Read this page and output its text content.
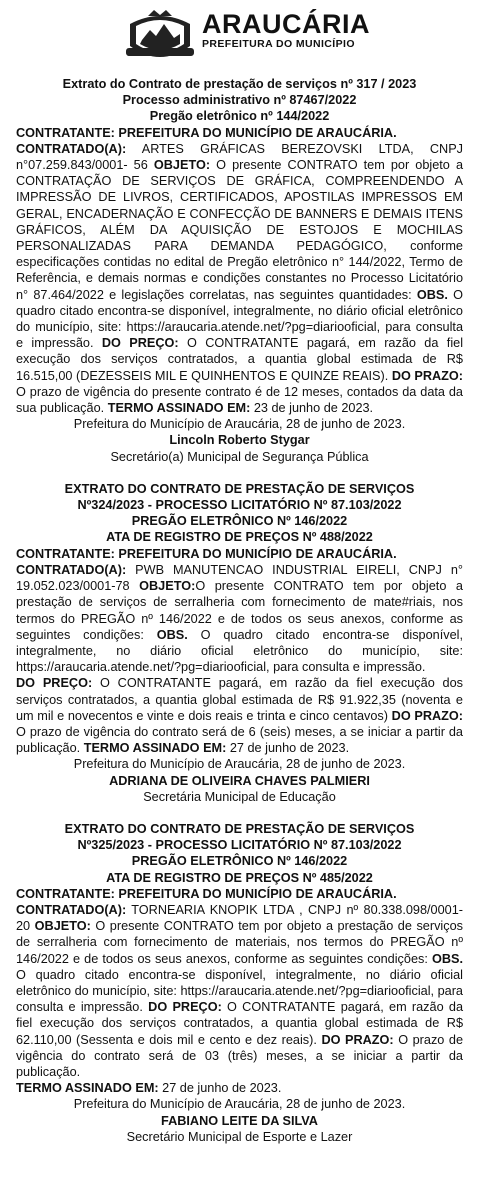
ARAUCÁRIA
PREFEITURA DO MUNICÍPIO
Extrato do Contrato de prestação de serviços nº 317 / 2023
Processo administrativo nº 87467/2022
Pregão eletrônico nº 144/2022

CONTRATANTE: PREFEITURA DO MUNICÍPIO DE ARAUCÁRIA.

CONTRATADO(A): ARTES GRÁFICAS BEREZOVSKI LTDA, CNPJ n°07.259.843/0001- 56 OBJETO: O presente CONTRATO tem por objeto a CONTRATAÇÃO DE SERVIÇOS DE GRÁFICA, COMPREENDENDO A IMPRESSÃO DE LIVROS, CERTIFICADOS, APOSTILAS IMPRESSOS EM GERAL, ENCADERNAÇÃO E CONFECÇÃO DE BANNERS E DEMAIS ITENS GRÁFICOS, ALÉM DA AQUISIÇÃO DE ESTOJOS E MOCHILAS PERSONALIZADAS PARA DEMANDA PEDAGÓGICO, conforme especificações contidas no edital de Pregão eletrônico n° 144/2022, Termo de Referência, e demais normas e condições constantes no Processo Licitatório n° 87.464/2022 e legislações correlatas, nas seguintes quantidades: OBS. O quadro citado encontra-se disponível, integralmente, no diário oficial eletrônico do município, site: https://araucaria.atende.net/?pg=diariooficial, para consulta e impressão. DO PREÇO: O CONTRATANTE pagará, em razão da fiel execução dos serviços contratados, a quantia global estimada de R$ 16.515,00 (DEZESSEIS MIL E QUINHENTOS E QUINZE REAIS). DO PRAZO: O prazo de vigência do presente contrato é de 12 meses, contados da data da sua publicação. TERMO ASSINADO EM: 23 de junho de 2023.

Prefeitura do Município de Araucária, 28 de junho de 2023.
Lincoln Roberto Stygar
Secretário(a) Municipal de Segurança Pública
EXTRATO DO CONTRATO DE PRESTAÇÃO DE SERVIÇOS
Nº324/2023 - PROCESSO LICITATÓRIO Nº 87.103/2022
PREGÃO ELETRÔNICO Nº 146/2022
ATA DE REGISTRO DE PREÇOS Nº 488/2022

CONTRATANTE: PREFEITURA DO MUNICÍPIO DE ARAUCÁRIA.

CONTRATADO(A): PWB MANUTENCAO INDUSTRIAL EIRELI, CNPJ n° 19.052.023/0001-78 OBJETO:O presente CONTRATO tem por objeto a prestação de serviços de serralheria com fornecimento de mate#riais, nos termos do PREGÃO nº 146/2022 e de todos os seus anexos, conforme as seguintes condições: OBS. O quadro citado encontra-se disponível, integralmente, no diário oficial eletrônico do município, site: https://araucaria.atende.net/?pg=diariooficial, para consulta e impressão.
DO PREÇO: O CONTRATANTE pagará, em razão da fiel execução dos serviços contratados, a quantia global estimada de R$ 91.922,35 (noventa e um mil e novecentos e vinte e dois reais e trinta e cinco centavos) DO PRAZO: O prazo de vigência do contrato será de 6 (seis) meses, a se iniciar a partir da publicação. TERMO ASSINADO EM: 27 de junho de 2023.

Prefeitura do Município de Araucária, 28 de junho de 2023.
ADRIANA DE OLIVEIRA CHAVES PALMIERI
Secretária Municipal de Educação
EXTRATO DO CONTRATO DE PRESTAÇÃO DE SERVIÇOS
Nº325/2023 - PROCESSO LICITATÓRIO Nº 87.103/2022
PREGÃO ELETRÔNICO Nº 146/2022
ATA DE REGISTRO DE PREÇOS Nº 485/2022

CONTRATANTE: PREFEITURA DO MUNICÍPIO DE ARAUCÁRIA.

CONTRATADO(A): TORNEARIA KNOPIK LTDA , CNPJ nº 80.338.098/0001-20 OBJETO: O presente CONTRATO tem por objeto a prestação de serviços de serralheria com fornecimento de materiais, nos termos do PREGÃO nº 146/2022 e de todos os seus anexos, conforme as seguintes condições: OBS. O quadro citado encontra-se disponível, integralmente, no diário oficial eletrônico do município, site: https://araucaria.atende.net/?pg=diariooficial, para consulta e impressão. DO PREÇO: O CONTRATANTE pagará, em razão da fiel execução dos serviços contratados, a quantia global estimada de R$ 62.110,00 (Sessenta e dois mil e cento e dez reais). DO PRAZO: O prazo de vigência do contrato será de 03 (três) meses, a se iniciar a partir da publicação.
TERMO ASSINADO EM: 27 de junho de 2023.

Prefeitura do Município de Araucária, 28 de junho de 2023.
FABIANO LEITE DA SILVA
Secretário Municipal de Esporte e Lazer
